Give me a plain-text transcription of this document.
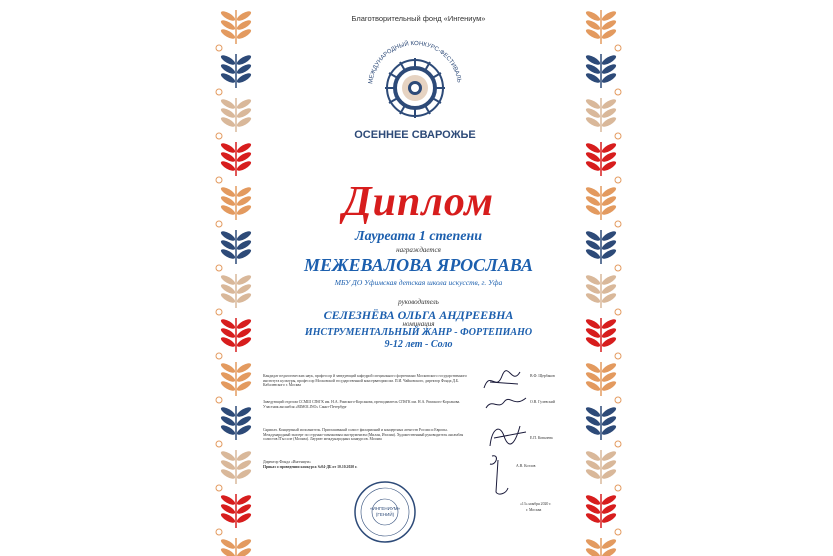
Благотворительный фонд «Ингениум»
МЕЖДУНАРОДНЫЙ КОНКУРС-ФЕСТИВАЛЬ
ОСЕННЕЕ СВАРОЖЬЕ
Диплом
Лауреата 1 степени
награждается
МЕЖЕВАЛОВА ЯРОСЛАВА
МБУ ДО Уфимская детская школа искусств, г. Уфа
руководитель
СЕЛЕЗНЁВА ОЛЬГА АНДРЕЕВНА
номинация
ИНСТРУМЕНТАЛЬНЫЙ ЖАНР - ФОРТЕПИАНО
9-12 лет - Соло
Кандидат педагогических наук, профессор й заведующий кафедрой специального фортепиано Московского государственного института культуры, профессор Московской государственной консерватории им. П.И. Чайковского, директор Фонда Д.Б. Кабалевского г. Москва
В.Ф. Щербаков
Заведующий отделом ССМШ СПбГК им. Н.А. Римского-Корсакова, преподаватель СПбГК им. Н.А. Римского-Корсакова. Участник ансамбля «RIMOLINO» Санкт-Петербург
О.В. Гулевский
Скрипач. Концертный исполнитель. Приглашенный солист филармоний и концертных агентств России и Европы. Международный эксперт по струнно-смычковым инструментам (Милан, Италия). Художественный руководитель ансамбля солистов П'ьссоле (Москва). Лауреат международных конкурсов. Москва	Е.П. Ковалева
Директор Фонда «Ингениум»
Приказ о проведении конкурса №04-ДБ от 10.10.2020 г.	А.В. Козлов
«ИНГЕНИУМ»
(ГЕНИЙ)
«13» ноября 2020 г.
г. Москва
